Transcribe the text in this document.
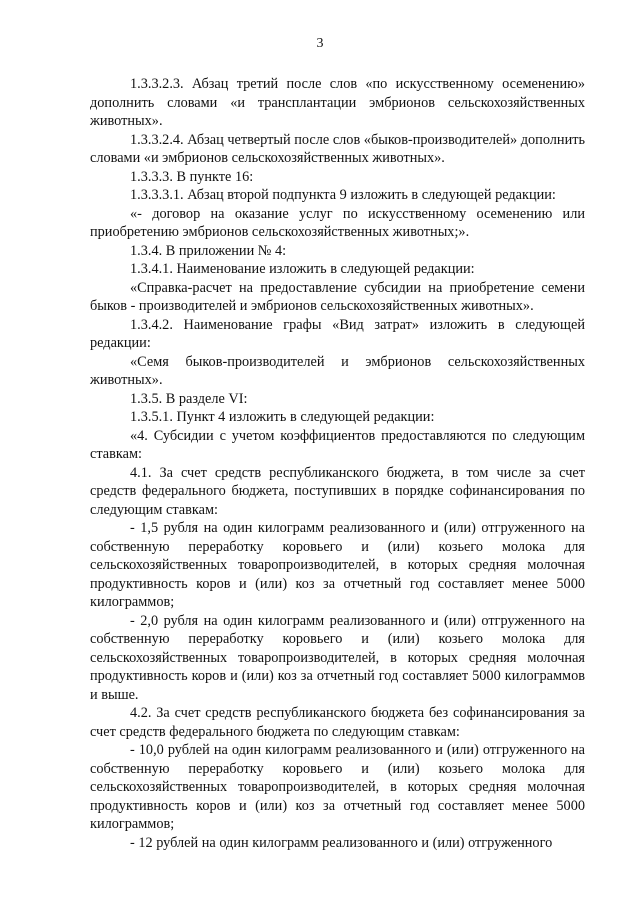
3

1.3.3.2.3. Абзац третий после слов «по искусственному осеменению» дополнить словами «и трансплантации эмбрионов сельскохозяйственных животных».

1.3.3.2.4. Абзац четвертый после слов «быков-производителей» дополнить словами «и эмбрионов сельскохозяйственных животных».

1.3.3.3. В пункте 16:

1.3.3.3.1. Абзац второй подпункта 9 изложить в следующей редакции:

«- договор на оказание услуг по искусственному осеменению или приобретению эмбрионов сельскохозяйственных животных;».

1.3.4. В приложении № 4:

1.3.4.1. Наименование изложить в следующей редакции:

«Справка-расчет на предоставление субсидии на приобретение семени быков - производителей и эмбрионов сельскохозяйственных животных».

1.3.4.2. Наименование графы «Вид затрат» изложить в следующей редакции:

«Семя быков-производителей и эмбрионов сельскохозяйственных животных».

1.3.5. В разделе VI:

1.3.5.1. Пункт 4 изложить в следующей редакции:

«4. Субсидии с учетом коэффициентов предоставляются по следующим ставкам:

4.1. За счет средств республиканского бюджета, в том числе за счет средств федерального бюджета, поступивших в порядке софинансирования по следующим ставкам:

- 1,5 рубля на один килограмм реализованного и (или) отгруженного на собственную переработку коровьего и (или) козьего молока для сельскохозяйственных товаропроизводителей, в которых средняя молочная продуктивность коров и (или) коз за отчетный год составляет менее 5000 килограммов;

- 2,0 рубля на один килограмм реализованного и (или) отгруженного на собственную переработку коровьего и (или) козьего молока для сельскохозяйственных товаропроизводителей, в которых средняя молочная продуктивность коров и (или) коз за отчетный год составляет 5000 килограммов и выше.

4.2. За счет средств республиканского бюджета без софинансирования за счет средств федерального бюджета по следующим ставкам:

- 10,0 рублей на один килограмм реализованного и (или) отгруженного на собственную переработку коровьего и (или) козьего молока для сельскохозяйственных товаропроизводителей, в которых средняя молочная продуктивность коров и (или) коз за отчетный год составляет менее 5000 килограммов;

- 12 рублей на один килограмм реализованного и (или) отгруженного
